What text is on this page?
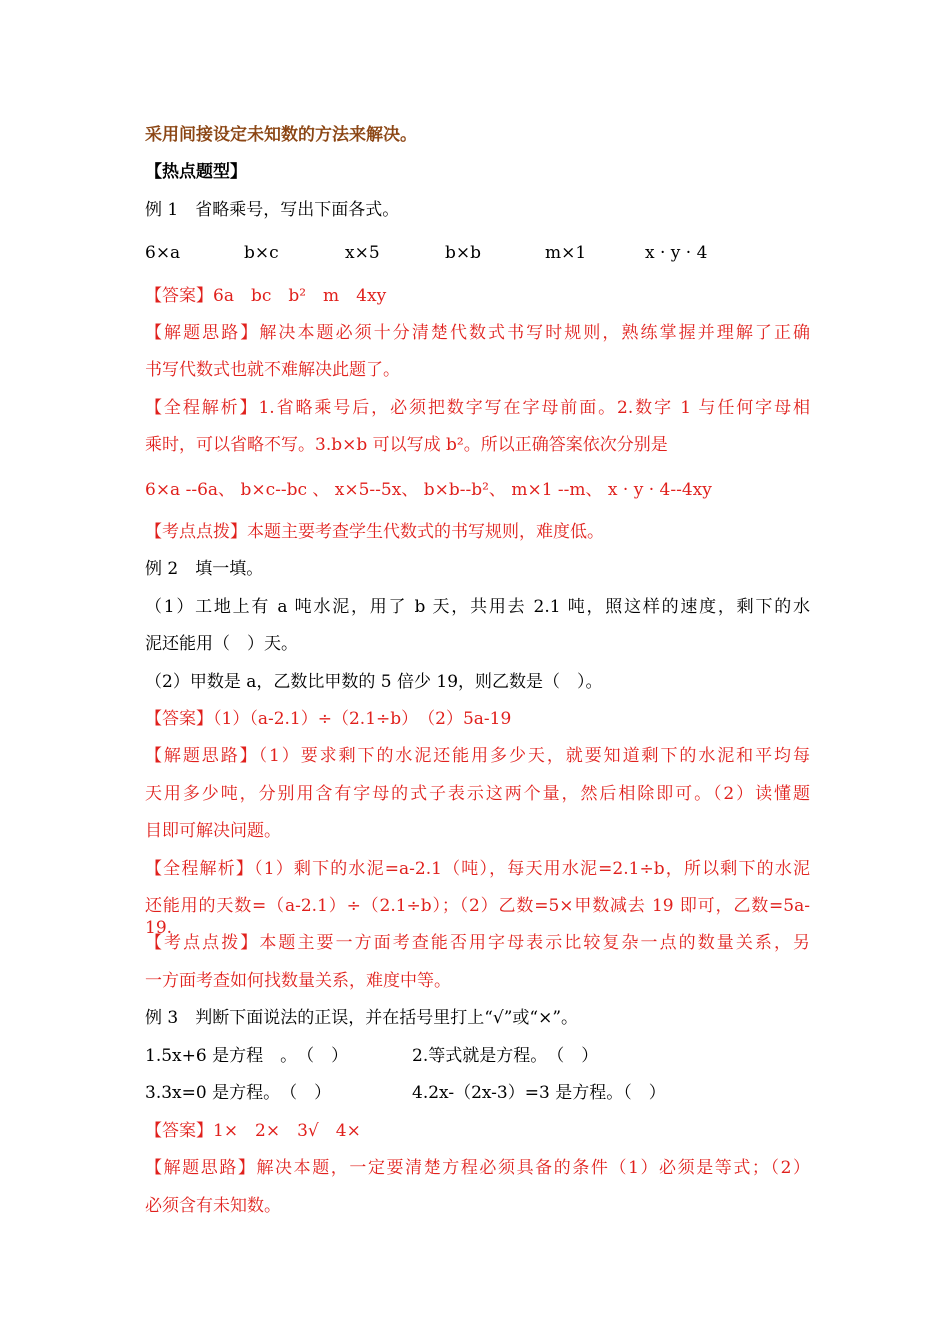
采用间接设定未知数的方法来解决。
【热点题型】
例 1　省略乘号，写出下面各式。
6×a	b×c	x×5	b×b	m×1	x · y · 4
【答案】6a　bc　b²　m　4xy
【解题思路】解决本题必须十分清楚代数式书写时规则，熟练掌握并理解了正确
书写代数式也就不难解决此题了。
【全程解析】1.省略乘号后，必须把数字写在字母前面。2.数字 1 与任何字母相
乘时，可以省略不写。3.b×b 可以写成 b²。所以正确答案依次分别是
6×a --6a、 b×c--bc 、 x×5--5x、 b×b--b²、 m×1 --m、 x · y · 4--4xy
【考点点拨】本题主要考查学生代数式的书写规则，难度低。
例 2　填一填。
（1）工地上有 a 吨水泥，用了 b 天，共用去 2.1 吨，照这样的速度，剩下的水
泥还能用（　）天。
（2）甲数是 a，乙数比甲数的 5 倍少 19，则乙数是（　）。
【答案】（1）（a-2.1）÷（2.1÷b）　（2）5a-19
【解题思路】（1）要求剩下的水泥还能用多少天，就要知道剩下的水泥和平均每
天用多少吨，分别用含有字母的式子表示这两个量，然后相除即可。（2）读懂题
目即可解决问题。
【全程解析】（1）剩下的水泥=a-2.1（吨），每天用水泥=2.1÷b，所以剩下的水泥
还能用的天数=（a-2.1）÷（2.1÷b）；（2）乙数=5×甲数减去 19 即可，乙数=5a-19.
【考点点拨】本题主要一方面考查能否用字母表示比较复杂一点的数量关系，另
一方面考查如何找数量关系，难度中等。
例 3　判断下面说法的正误，并在括号里打上“√”或“×”。
1.5x+6 是方程　。　（　）	2.等式就是方程。　（　）
3.3x=0 是方程。　（　）	4.2x-（2x-3）=3 是方程。（　）
【答案】1×　2×　3√　4×
【解题思路】解决本题，一定要清楚方程必须具备的条件（1）必须是等式；（2）
必须含有未知数。
